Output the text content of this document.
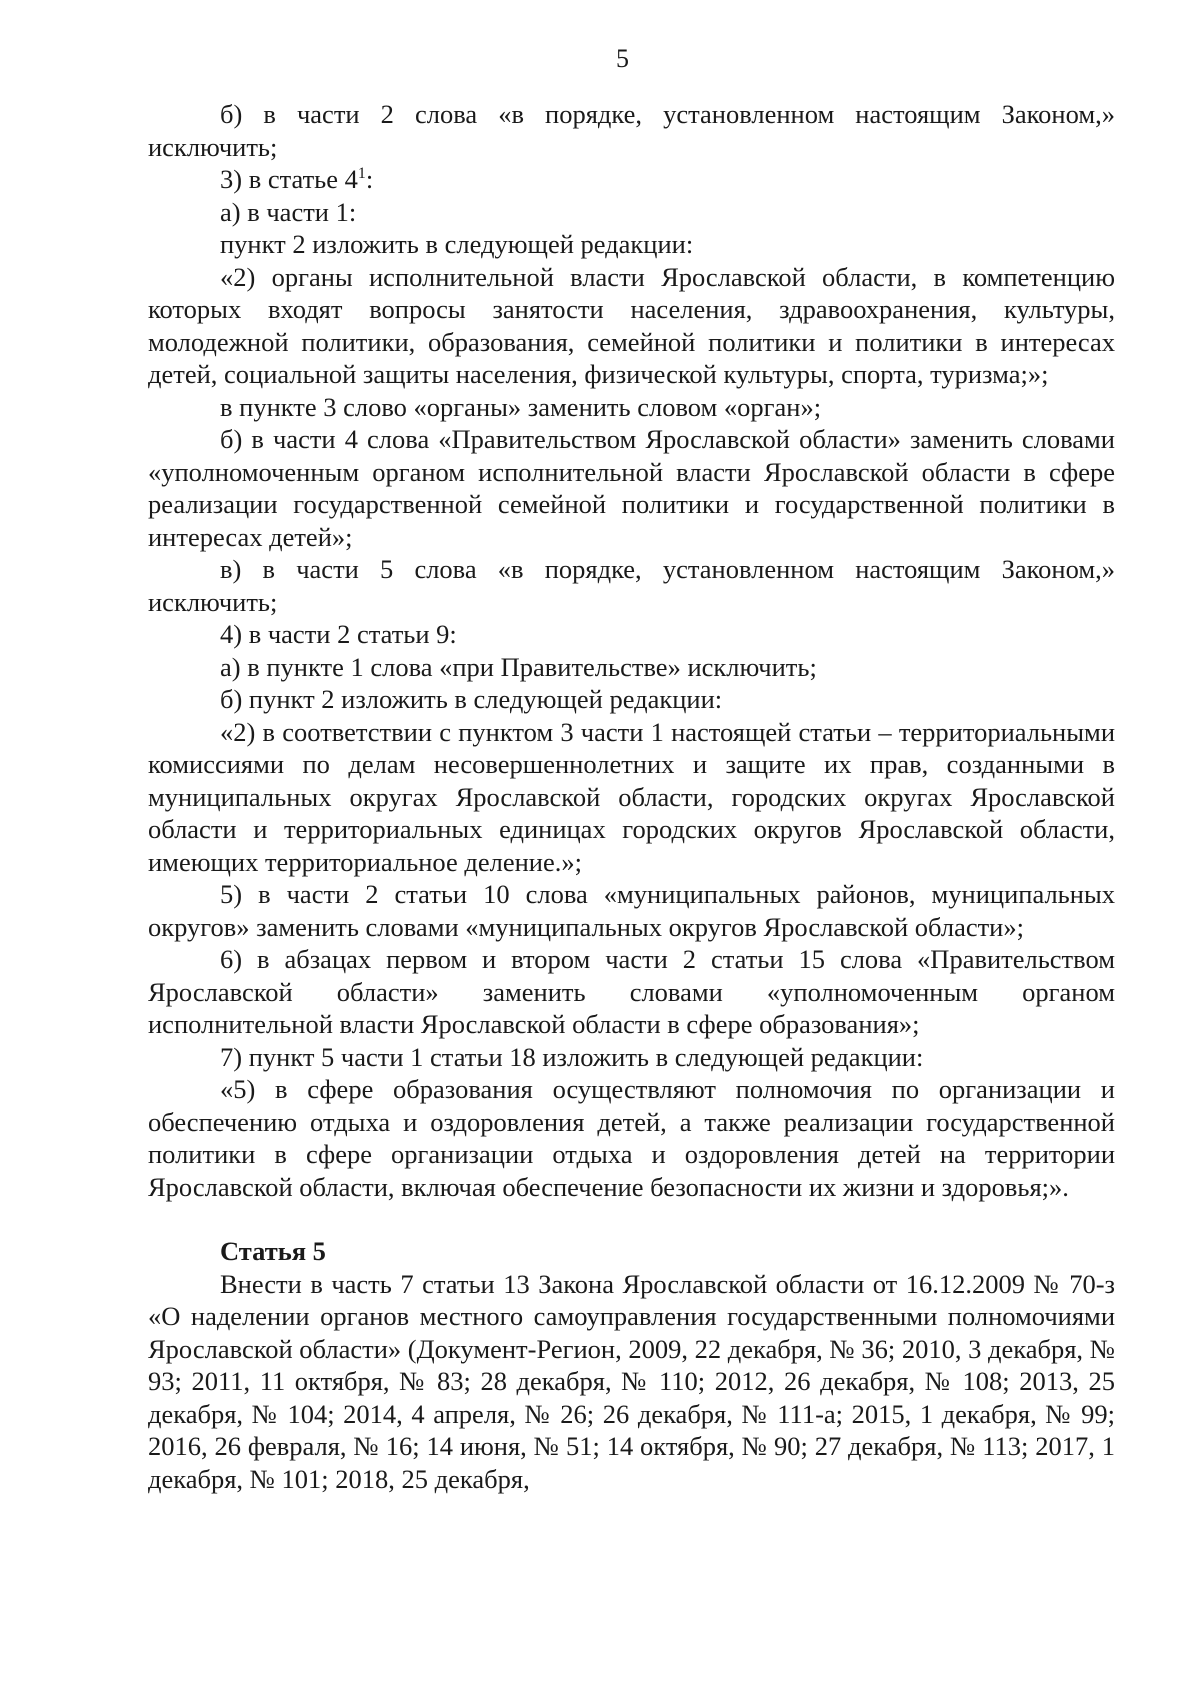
5

б) в части 2 слова «в порядке, установленном настоящим Законом,» исключить;

3) в статье $4^1$:

а) в части 1:

пункт 2 изложить в следующей редакции:

«2) органы исполнительной власти Ярославской области, в компетенцию которых входят вопросы занятости населения, здравоохранения, культуры, молодежной политики, образования, семейной политики и политики в интересах детей, социальной защиты населения, физической культуры, спорта, туризма;»;

в пункте 3 слово «органы» заменить словом «орган»;

б) в части 4 слова «Правительством Ярославской области» заменить словами «уполномоченным органом исполнительной власти Ярославской области в сфере реализации государственной семейной политики и государственной политики в интересах детей»;

в) в части 5 слова «в порядке, установленном настоящим Законом,» исключить;

4) в части 2 статьи 9:

а) в пункте 1 слова «при Правительстве» исключить;

б) пункт 2 изложить в следующей редакции:

«2) в соответствии с пунктом 3 части 1 настоящей статьи – территориальными комиссиями по делам несовершеннолетних и защите их прав, созданными в муниципальных округах Ярославской области, городских округах Ярославской области и территориальных единицах городских округов Ярославской области, имеющих территориальное деление.»;

5) в части 2 статьи 10 слова «муниципальных районов, муниципальных округов» заменить словами «муниципальных округов Ярославской области»;

6) в абзацах первом и втором части 2 статьи 15 слова «Правительством Ярославской области» заменить словами «уполномоченным органом исполнительной власти Ярославской области в сфере образования»;

7) пункт 5 части 1 статьи 18 изложить в следующей редакции:

«5) в сфере образования осуществляют полномочия по организации и обеспечению отдыха и оздоровления детей, а также реализации государственной политики в сфере организации отдыха и оздоровления детей на территории Ярославской области, включая обеспечение безопасности их жизни и здоровья;».

Статья 5

Внести в часть 7 статьи 13 Закона Ярославской области от 16.12.2009 № 70-з «О наделении органов местного самоуправления государственными полномочиями Ярославской области» (Документ-Регион, 2009, 22 декабря, № 36; 2010, 3 декабря, № 93; 2011, 11 октября, № 83; 28 декабря, № 110; 2012, 26 декабря, № 108; 2013, 25 декабря, № 104; 2014, 4 апреля, № 26; 26 декабря, № 111-а; 2015, 1 декабря, № 99; 2016, 26 февраля, № 16; 14 июня, № 51; 14 октября, № 90; 27 декабря, № 113; 2017, 1 декабря, № 101; 2018, 25 декабря,
